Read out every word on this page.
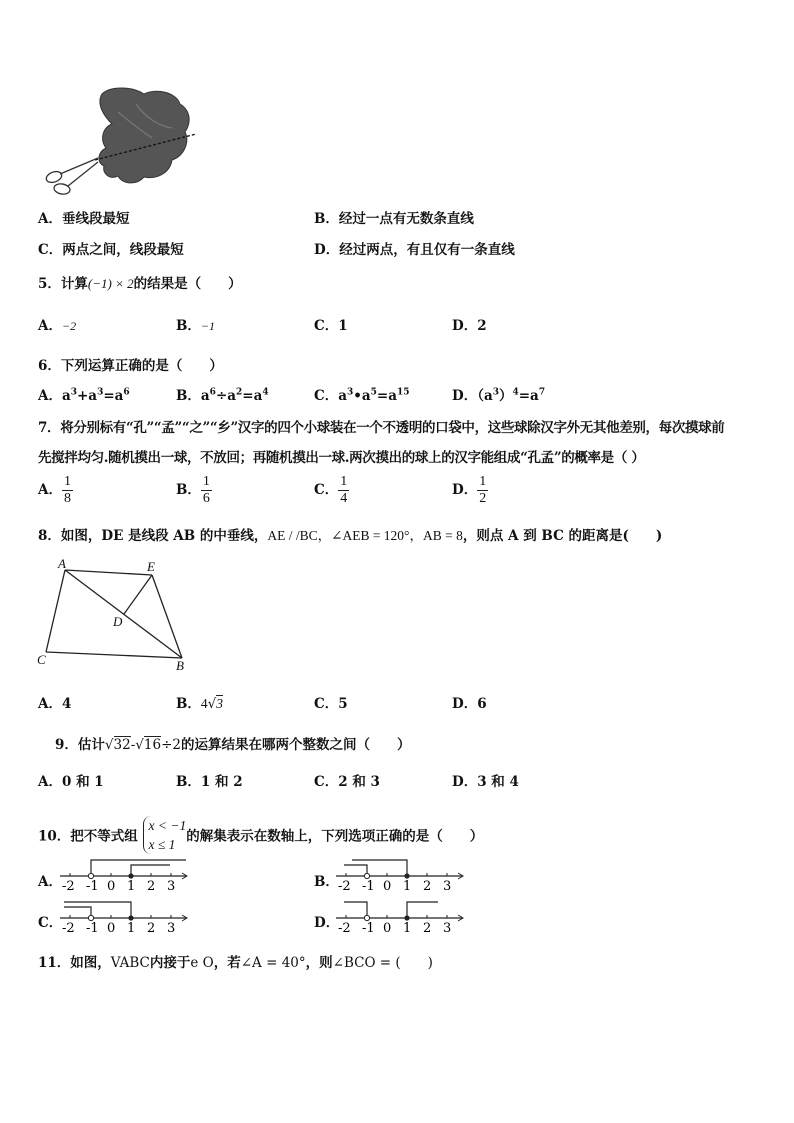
A．垂线段最短	B．经过一点有无数条直线
C．两点之间，线段最短	D．经过两点，有且仅有一条直线
5．计算(−1) × 2的结果是（　　）
A．−2	B．−1	C．1	D．2
6．下列运算正确的是（　　）
A．$a^3+a^3=a^6$	B．$a^6\div a^2=a^4$	C．$a^3•a^5=a^{15}$	D．$(a^3)^4=a^7$
7．将分别标有“孔”“孟”“之”“乡”汉字的四个小球装在一个不透明的口袋中，这些球除汉字外无其他差别，每次摸球前
先搅拌均匀.随机摸出一球，不放回；再随机摸出一球.两次摸出的球上的汉字能组成“孔孟”的概率是（ ）
A． $\frac{1}{8}$	B． $\frac{1}{6}$	C． $\frac{1}{4}$	D． $\frac{1}{2}$
8．如图，DE 是线段 AB 的中垂线，AE / /BC，∠AEB = 120°，AB = 8，则点 A 到 BC 的距离是(　　)
A	E
D
C	B
A．4	B．4√3	C．5	D．6
9．估计√32-√16÷2的运算结果在哪两个整数之间（　　）
A．0 和 1	B．1 和 2	C．2 和 3	D．3 和 4
10．把不等式组
x < −1
x ≤ 1 的解集表示在数轴上，下列选项正确的是（　　）
A．	B．
C．	D．
-2 -1 0 1 2 3	-2 -1 0 1 2 3
-2 -1 0 1 2 3	-2 -1 0 1 2 3
11．如图，VABC内接于e O，若∠A = 40°，则∠BCO = (　　)
